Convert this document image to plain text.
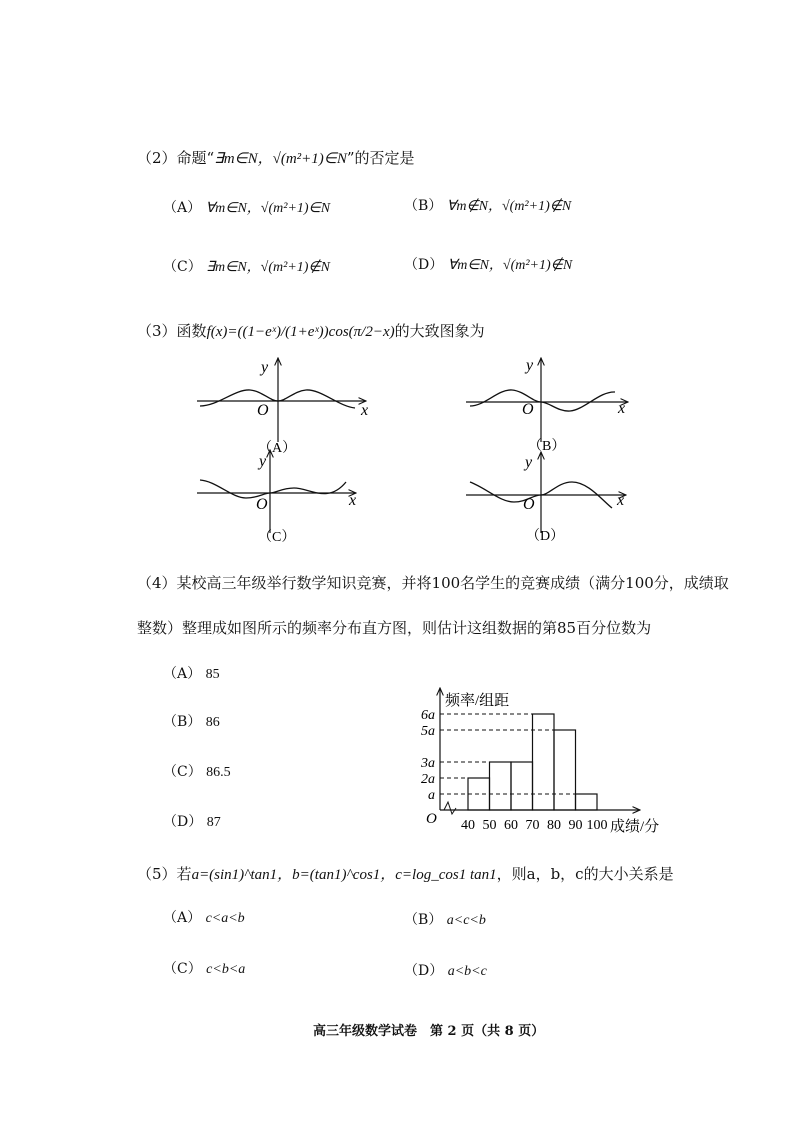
（2）命题“∃m∈N，√(m²+1)∈N”的否定是
（A） ∀m∈N，√(m²+1)∈N	（B） ∀m∉N，√(m²+1)∉N
（C） ∃m∈N，√(m²+1)∉N	（D） ∀m∈N，√(m²+1)∉N
（3）函数f(x)=((1−eˣ)/(1+eˣ))cos(π/2−x)的大致图象为
y
x
O
（A）
y
x
O
（B）
y
x
O
（C）
y
x
O
（D）
（4）某校高三年级举行数学知识竞赛，并将100名学生的竞赛成绩（满分100分，成绩取
整数）整理成如图所示的频率分布直方图，则估计这组数据的第85百分位数为
（A） 85
（B） 86
（C） 86.5
（D） 87
频率/组距
成绩/分
O 40 50 60 70 80 90 100
a
2a
3a
5a
6a
（5）若a=(sin1)^tan1，b=(tan1)^cos1，c=log_cos1 tan1，则a，b，c的大小关系是
（A） c<a<b	（B） a<c<b
（C） c<b<a	（D） a<b<c
高三年级数学试卷　第 2 页（共 8 页）
